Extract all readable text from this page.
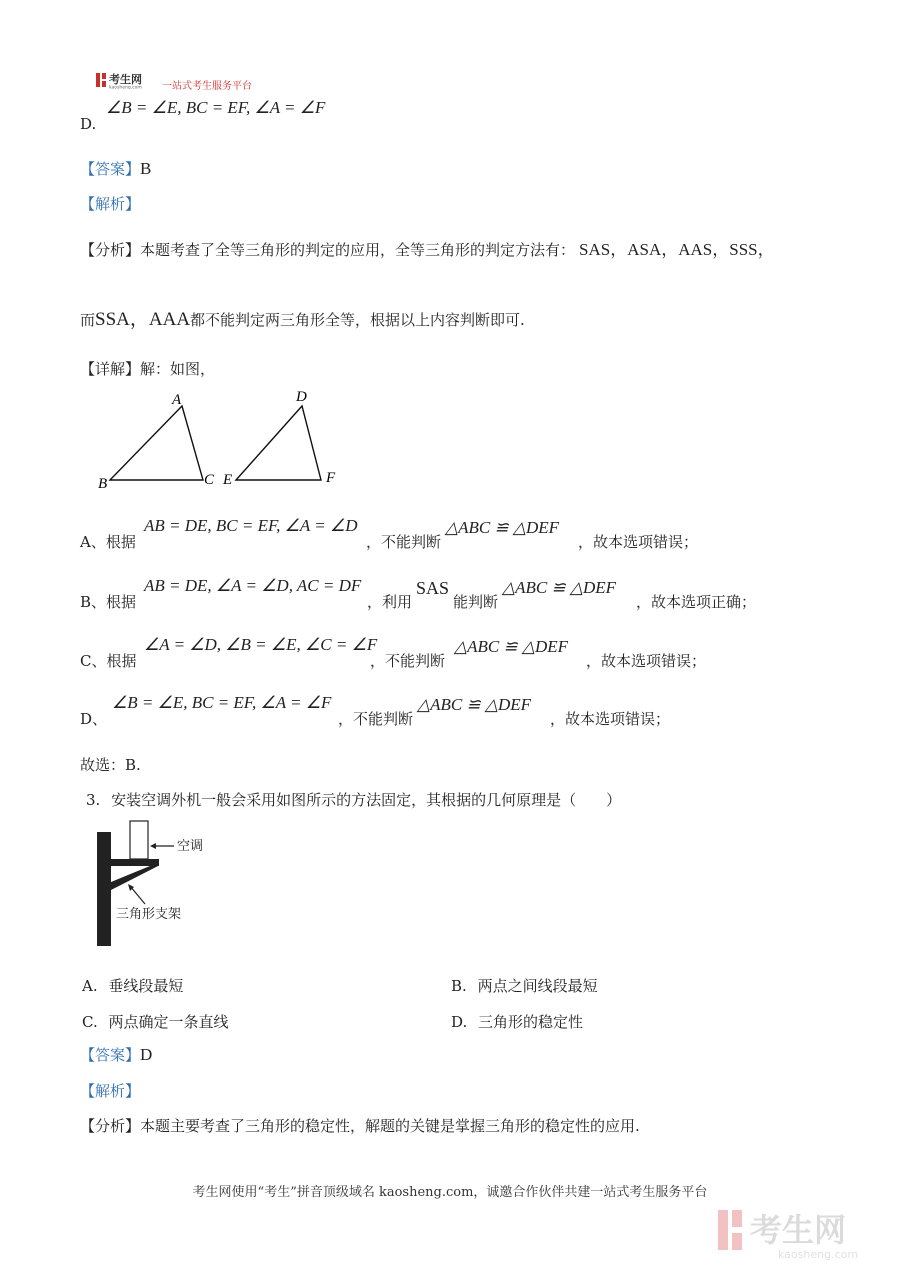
考生网
kaosheng.com 一站式考生服务平台
D.
∠B = ∠E, BC = EF, ∠A = ∠F
【答案】B
【解析】
【分析】本题考查了全等三角形的判定的应用，全等三角形的判定方法有： SAS，ASA，AAS，SSS，
而SSA，AAA都不能判定两三角形全等，根据以上内容判断即可.
【详解】解：如图，
A
B	C
D
E	F
A、根据
AB = DE, BC = EF, ∠A = ∠D
，不能判断
△ABC ≌ △DEF
，故本选项错误；
B、根据
AB = DE, ∠A = ∠D, AC = DF
，利用
SAS
能判断
△ABC ≌ △DEF
，故本选项正确；
C、根据
∠A = ∠D, ∠B = ∠E, ∠C = ∠F
，不能判断
△ABC ≌ △DEF
，故本选项错误；
D、
∠B = ∠E, BC = EF, ∠A = ∠F
，不能判断
△ABC ≌ △DEF
，故本选项错误；
故选：B.
3. 安装空调外机一般会采用如图所示的方法固定，其根据的几何原理是（　　）
空调
三角形支架
A. 垂线段最短	B. 两点之间线段最短
C. 两点确定一条直线	D. 三角形的稳定性
【答案】D
【解析】
【分析】本题主要考查了三角形的稳定性，解题的关键是掌握三角形的稳定性的应用.
考生网使用“考生”拼音顶级域名 kaosheng.com，诚邀合作伙伴共建一站式考生服务平台
考生网
kaosheng.com
